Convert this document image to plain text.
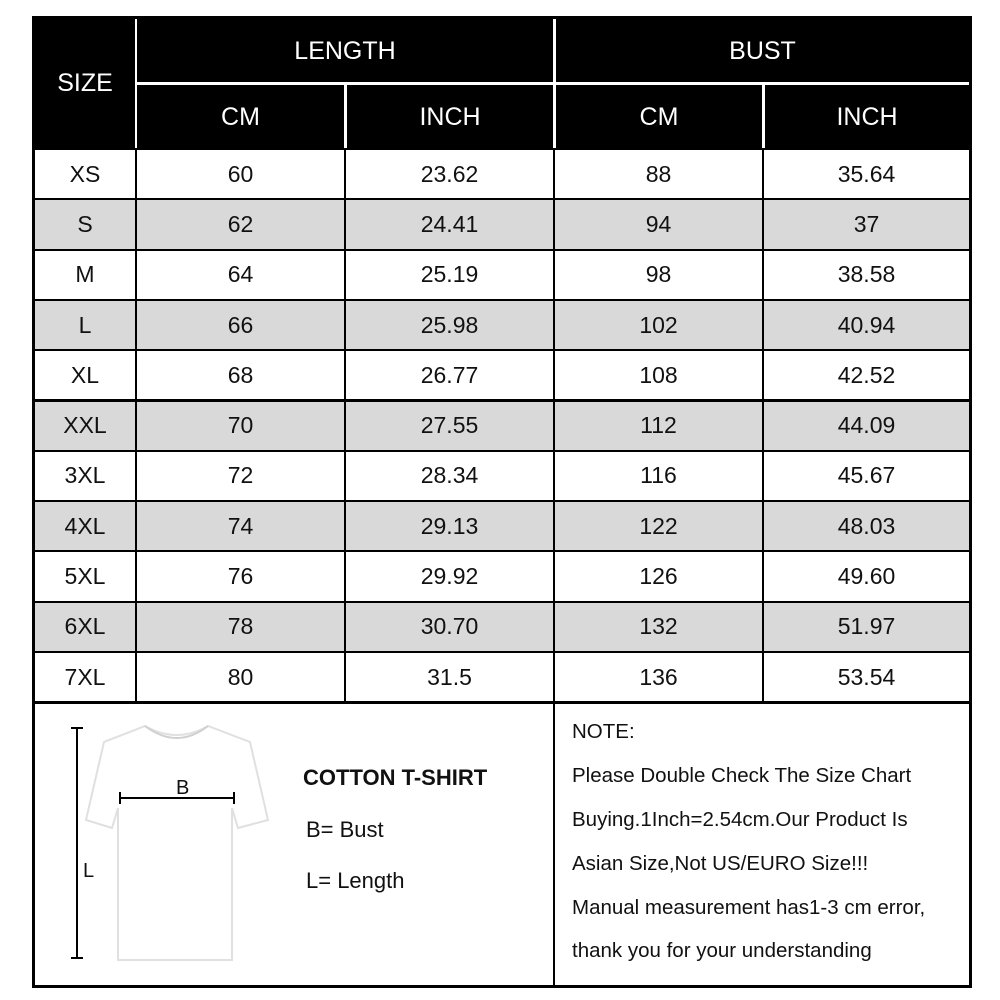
SIZE
LENGTH	BUST
CM	INCH	CM	INCH
XS	60	23.62	88	35.64
S	62	24.41	94	37
M	64	25.19	98	38.58
L	66	25.98	102	40.94
XL	68	26.77	108	42.52
XXL	70	27.55	112	44.09
3XL	72	28.34	116	45.67
4XL	74	29.13	122	48.03
5XL	76	29.92	126	49.60
6XL	78	30.70	132	51.97
7XL	80	31.5	136	53.54
B
L
COTTON T-SHIRT
B= Bust
L= Length
NOTE:
Please Double Check The Size Chart
Buying.1Inch=2.54cm.Our Product Is
Asian Size,Not US/EURO Size!!!
Manual measurement has1-3 cm error,
thank you for your understanding
